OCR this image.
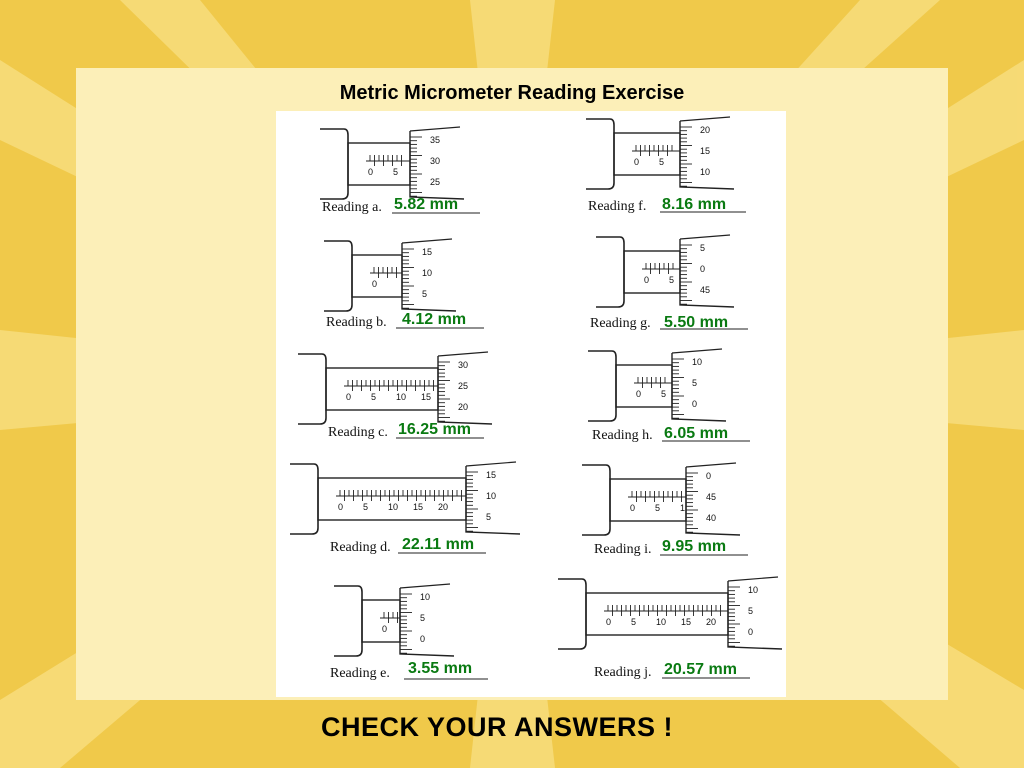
Metric Micrometer Reading Exercise
0 5
35
30
25
Reading a. 5.82 mm
0
15
10
5
Reading b. 4.12 mm
0 5 10 15
30
25
20
Reading c. 16.25 mm
0 5 10 15 20
15
10
5
Reading d. 22.11 mm
0
10
5
0
Reading e. 3.55 mm
0 5
20
15
10
Reading f. 8.16 mm
0 5
5
0
45
Reading g. 5.50 mm
0 5
10
5
0
Reading h. 6.05 mm
0 5 1
0
45
40
Reading i. 9.95 mm
0 5 10 15 20
10
5
0
Reading j. 20.57 mm
CHECK YOUR ANSWERS !
